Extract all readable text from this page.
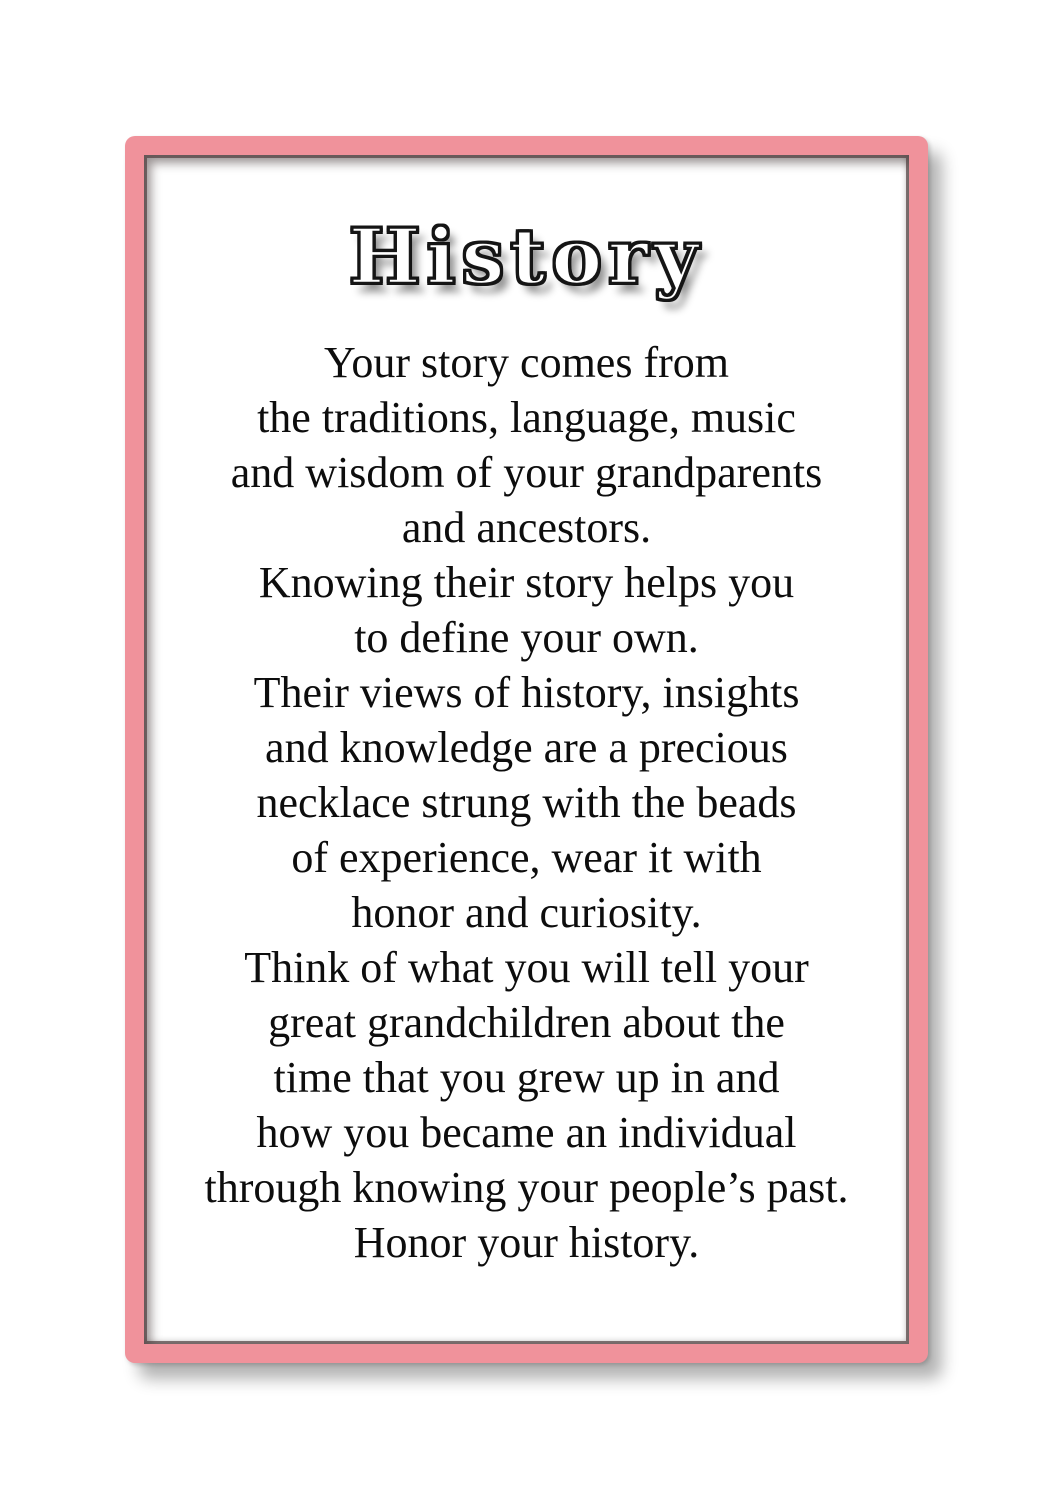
History
Your story comes from
the traditions, language, music
and wisdom of your grandparents
and ancestors.
Knowing their story helps you
to define your own.
Their views of history, insights
and knowledge are a precious
necklace strung with the beads
of experience, wear it with
honor and curiosity.
Think of what you will tell your
great grandchildren about the
time that you grew up in and
how you became an individual
through knowing your people’s past.
Honor your history.
